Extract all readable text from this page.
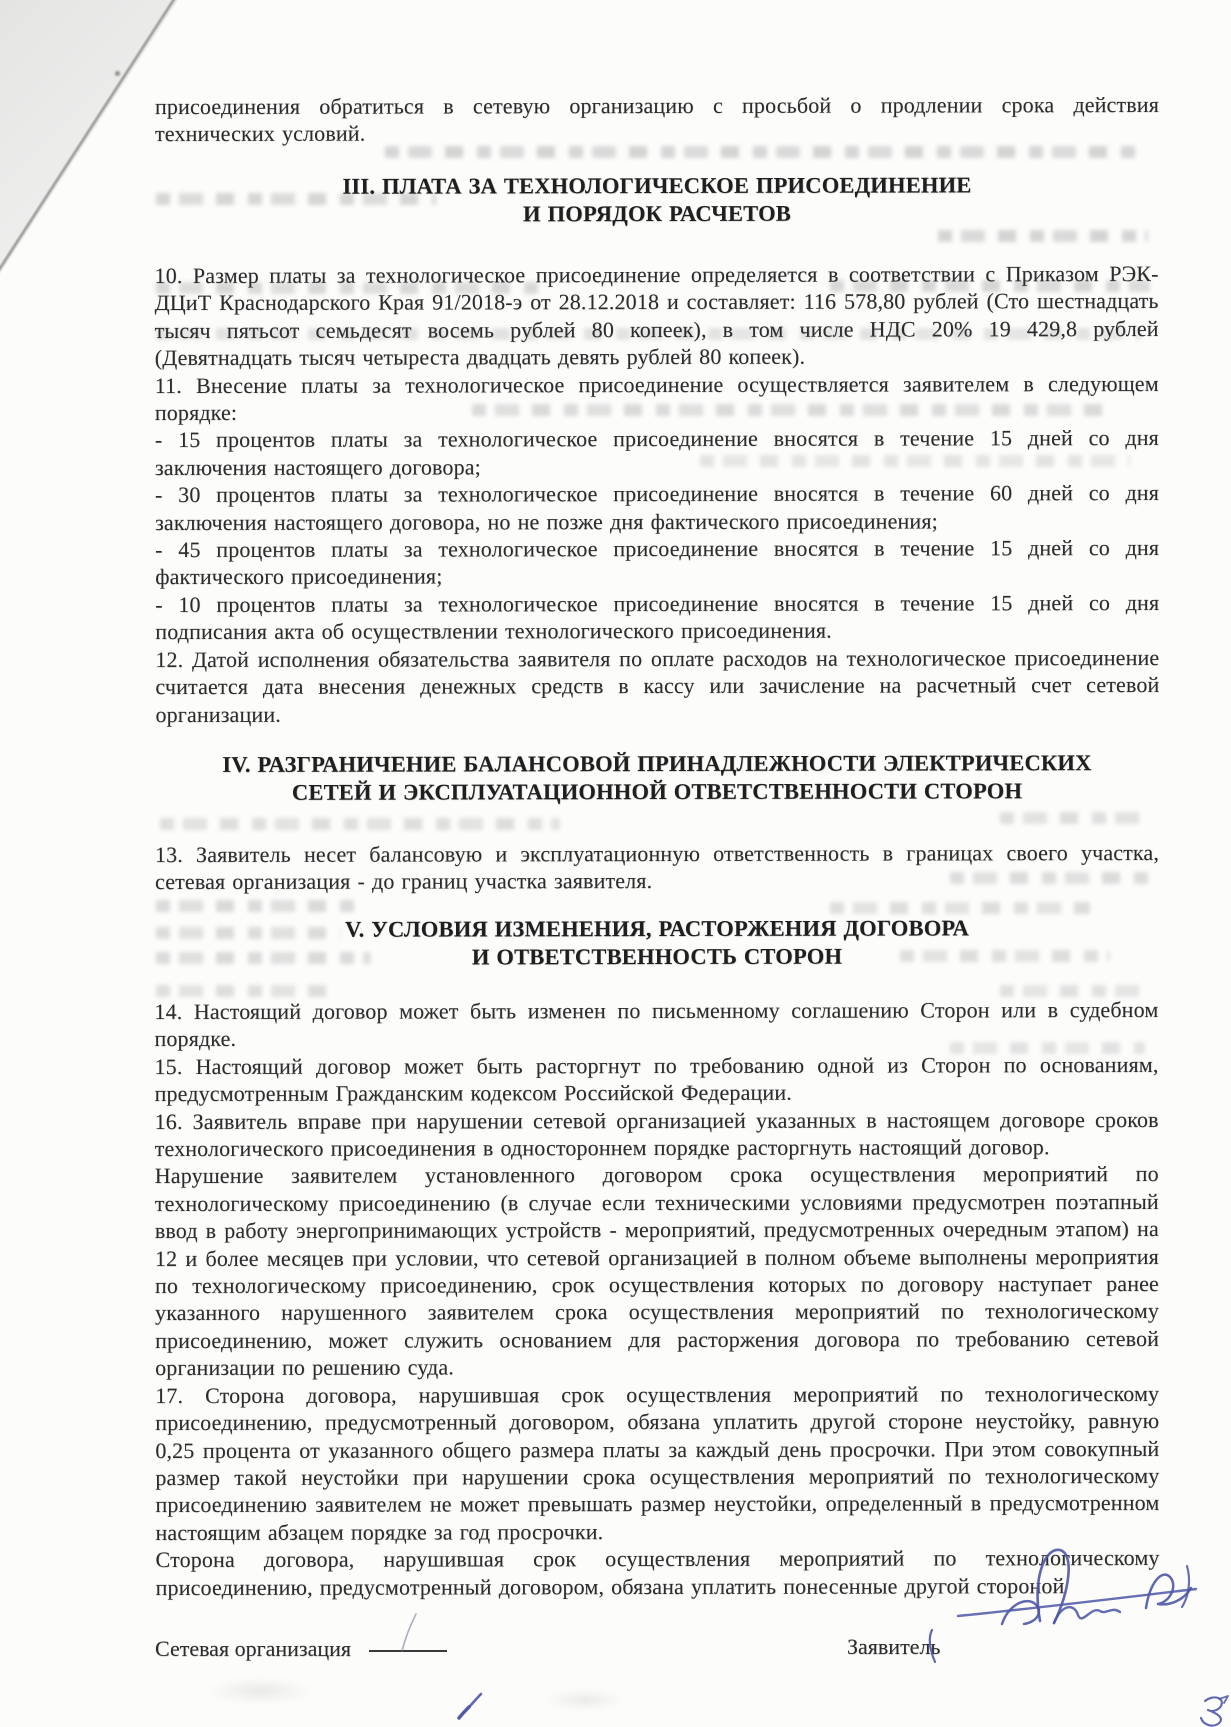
присоединения обратиться в сетевую организацию с просьбой о продлении срока действия технических условий.

III. ПЛАТА ЗА ТЕХНОЛОГИЧЕСКОЕ ПРИСОЕДИНЕНИЕ
И ПОРЯДОК РАСЧЕТОВ

10. Размер платы за технологическое присоединение определяется в соответствии с Приказом РЭК-ДЦиТ Краснодарского Края 91/2018-э от 28.12.2018 и составляет: 116 578,80 рублей (Сто шестнадцать тысяч пятьсот семьдесят восемь рублей 80 копеек), в том числе НДС 20% 19 429,8 рублей (Девятнадцать тысяч четыреста двадцать девять рублей 80 копеек).

11. Внесение платы за технологическое присоединение осуществляется заявителем в следующем порядке:

- 15 процентов платы за технологическое присоединение вносятся в течение 15 дней со дня заключения настоящего договора;

- 30 процентов платы за технологическое присоединение вносятся в течение 60 дней со дня заключения настоящего договора, но не позже дня фактического присоединения;

- 45 процентов платы за технологическое присоединение вносятся в течение 15 дней со дня фактического присоединения;

- 10 процентов платы за технологическое присоединение вносятся в течение 15 дней со дня подписания акта об осуществлении технологического присоединения.

12. Датой исполнения обязательства заявителя по оплате расходов на технологическое присоединение считается дата внесения денежных средств в кассу или зачисление на расчетный счет сетевой организации.

IV. РАЗГРАНИЧЕНИЕ БАЛАНСОВОЙ ПРИНАДЛЕЖНОСТИ ЭЛЕКТРИЧЕСКИХ
СЕТЕЙ И ЭКСПЛУАТАЦИОННОЙ ОТВЕТСТВЕННОСТИ СТОРОН

13. Заявитель несет балансовую и эксплуатационную ответственность в границах своего участка, сетевая организация - до границ участка заявителя.

V. УСЛОВИЯ ИЗМЕНЕНИЯ, РАСТОРЖЕНИЯ ДОГОВОРА
И ОТВЕТСТВЕННОСТЬ СТОРОН

14. Настоящий договор может быть изменен по письменному соглашению Сторон или в судебном порядке.

15. Настоящий договор может быть расторгнут по требованию одной из Сторон по основаниям, предусмотренным Гражданским кодексом Российской Федерации.

16. Заявитель вправе при нарушении сетевой организацией указанных в настоящем договоре сроков технологического присоединения в одностороннем порядке расторгнуть настоящий договор.

Нарушение заявителем установленного договором срока осуществления мероприятий по технологическому присоединению (в случае если техническими условиями предусмотрен поэтапный ввод в работу энергопринимающих устройств - мероприятий, предусмотренных очередным этапом) на 12 и более месяцев при условии, что сетевой организацией в полном объеме выполнены мероприятия по технологическому присоединению, срок осуществления которых по договору наступает ранее указанного нарушенного заявителем срока осуществления мероприятий по технологическому присоединению, может служить основанием для расторжения договора по требованию сетевой организации по решению суда.

17. Сторона договора, нарушившая срок осуществления мероприятий по технологическому присоединению, предусмотренный договором, обязана уплатить другой стороне неустойку, равную 0,25 процента от указанного общего размера платы за каждый день просрочки. При этом совокупный размер такой неустойки при нарушении срока осуществления мероприятий по технологическому присоединению заявителем не может превышать размер неустойки, определенный в предусмотренном настоящим абзацем порядке за год просрочки.

Сторона договора, нарушившая срок осуществления мероприятий по технологическому присоединению, предусмотренный договором, обязана уплатить понесенные другой стороной

Сетевая организация	Заявитель
